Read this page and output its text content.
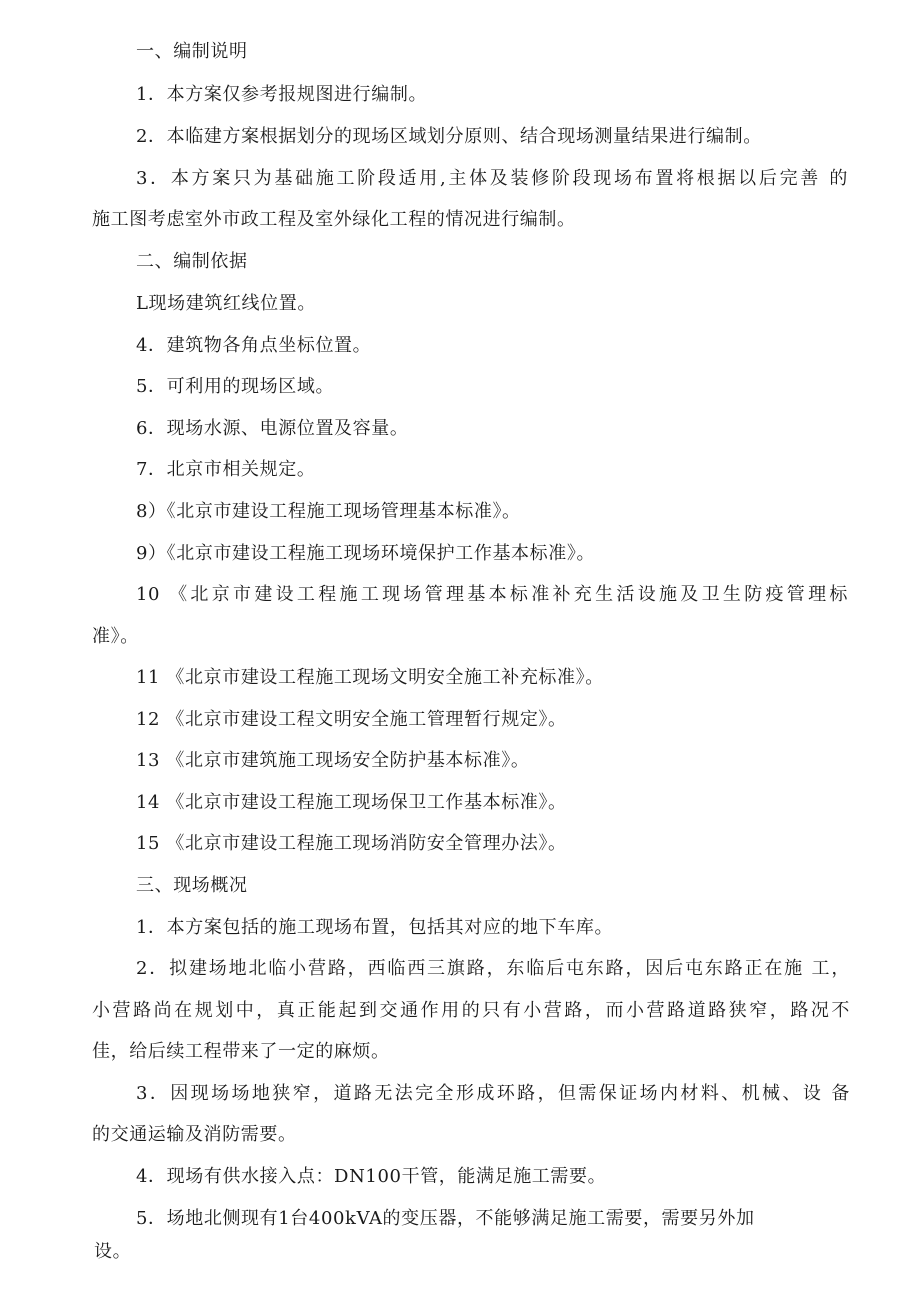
一、编制说明
1．本方案仅参考报规图进行编制。
2．本临建方案根据划分的现场区域划分原则、结合现场测量结果进行编制。
3．本方案只为基础施工阶段适用,主体及装修阶段现场布置将根据以后完善 的
施工图考虑室外市政工程及室外绿化工程的情况进行编制。
二、编制依据
L现场建筑红线位置。
4．建筑物各角点坐标位置。
5．可利用的现场区域。
6．现场水源、电源位置及容量。
7．北京市相关规定。
8）《北京市建设工程施工现场管理基本标准》。
9）《北京市建设工程施工现场环境保护工作基本标准》。
10 《北京市建设工程施工现场管理基本标准补充生活设施及卫生防疫管理标
准》。
11 《北京市建设工程施工现场文明安全施工补充标准》。
12 《北京市建设工程文明安全施工管理暂行规定》。
13 《北京市建筑施工现场安全防护基本标准》。
14 《北京市建设工程施工现场保卫工作基本标准》。
15 《北京市建设工程施工现场消防安全管理办法》。
三、现场概况
1．本方案包括的施工现场布置，包括其对应的地下车库。
2．拟建场地北临小营路，西临西三旗路，东临后屯东路，因后屯东路正在施 工，
小营路尚在规划中，真正能起到交通作用的只有小营路，而小营路道路狭窄，路况不
佳，给后续工程带来了一定的麻烦。
3．因现场场地狭窄，道路无法完全形成环路，但需保证场内材料、机械、设 备
的交通运输及消防需要。
4．现场有供水接入点：DN100干管，能满足施工需要。
5．场地北侧现有1台400kVA的变压器，不能够满足施工需要，需要另外加
设。
